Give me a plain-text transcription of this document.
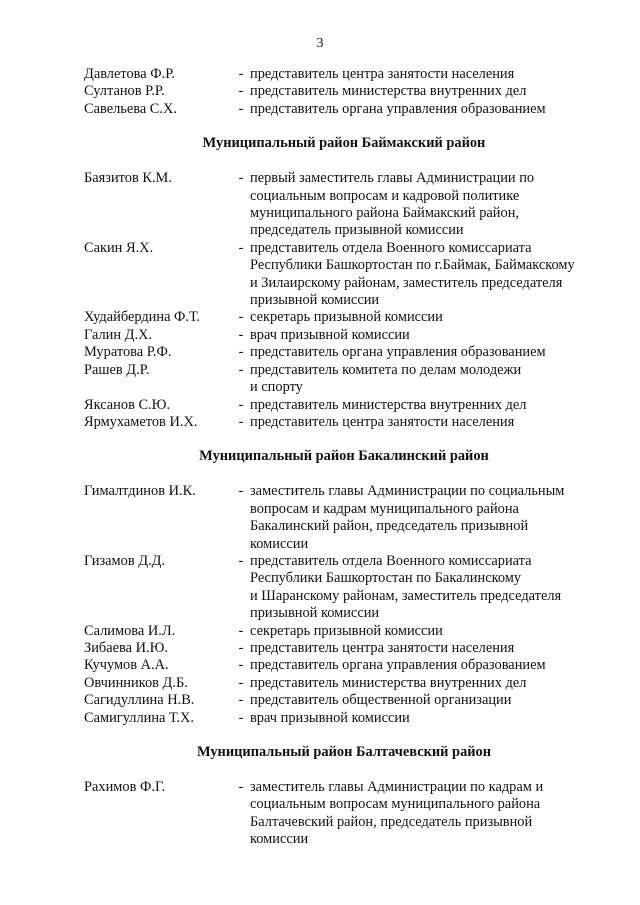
3
Давлетова Ф.Р.	- представитель центра занятости населения
Султанов Р.Р.	- представитель министерства внутренних дел
Савельева С.Х.	- представитель органа управления образованием
Муниципальный район Баймакский район
Баязитов К.М.	- первый заместитель главы Администрации по
социальным вопросам и кадровой политике
муниципального района Баймакский район,
председатель призывной комиссии
Сакин Я.Х.	- представитель отдела Военного комиссариата
Республики Башкортостан по г.Баймак, Баймакскому
и Зилаирскому районам, заместитель председателя
призывной комиссии
Худайбердина Ф.Т.	- секретарь призывной комиссии
Галин Д.Х.	- врач призывной комиссии
Муратова Р.Ф.	- представитель органа управления образованием
Рашев Д.Р.	- представитель комитета по делам молодежи
и спорту
Яксанов С.Ю.	- представитель министерства внутренних дел
Ярмухаметов И.Х.	- представитель центра занятости населения
Муниципальный район Бакалинский район
Гималтдинов И.К.	- заместитель главы Администрации по социальным
вопросам и кадрам муниципального района
Бакалинский район, председатель призывной
комиссии
Гизамов Д.Д.	- представитель отдела Военного комиссариата
Республики Башкортостан по Бакалинскому
и Шаранскому районам, заместитель председателя
призывной комиссии
Салимова И.Л.	- секретарь призывной комиссии
Зибаева И.Ю.	- представитель центра занятости населения
Кучумов А.А.	- представитель органа управления образованием
Овчинников Д.Б.	- представитель министерства внутренних дел
Сагидуллина Н.В.	- представитель общественной организации
Самигуллина Т.Х.	- врач призывной комиссии
Муниципальный район Балтачевский район
Рахимов Ф.Г.	- заместитель главы Администрации по кадрам и
социальным вопросам муниципального района
Балтачевский район, председатель призывной
комиссии
